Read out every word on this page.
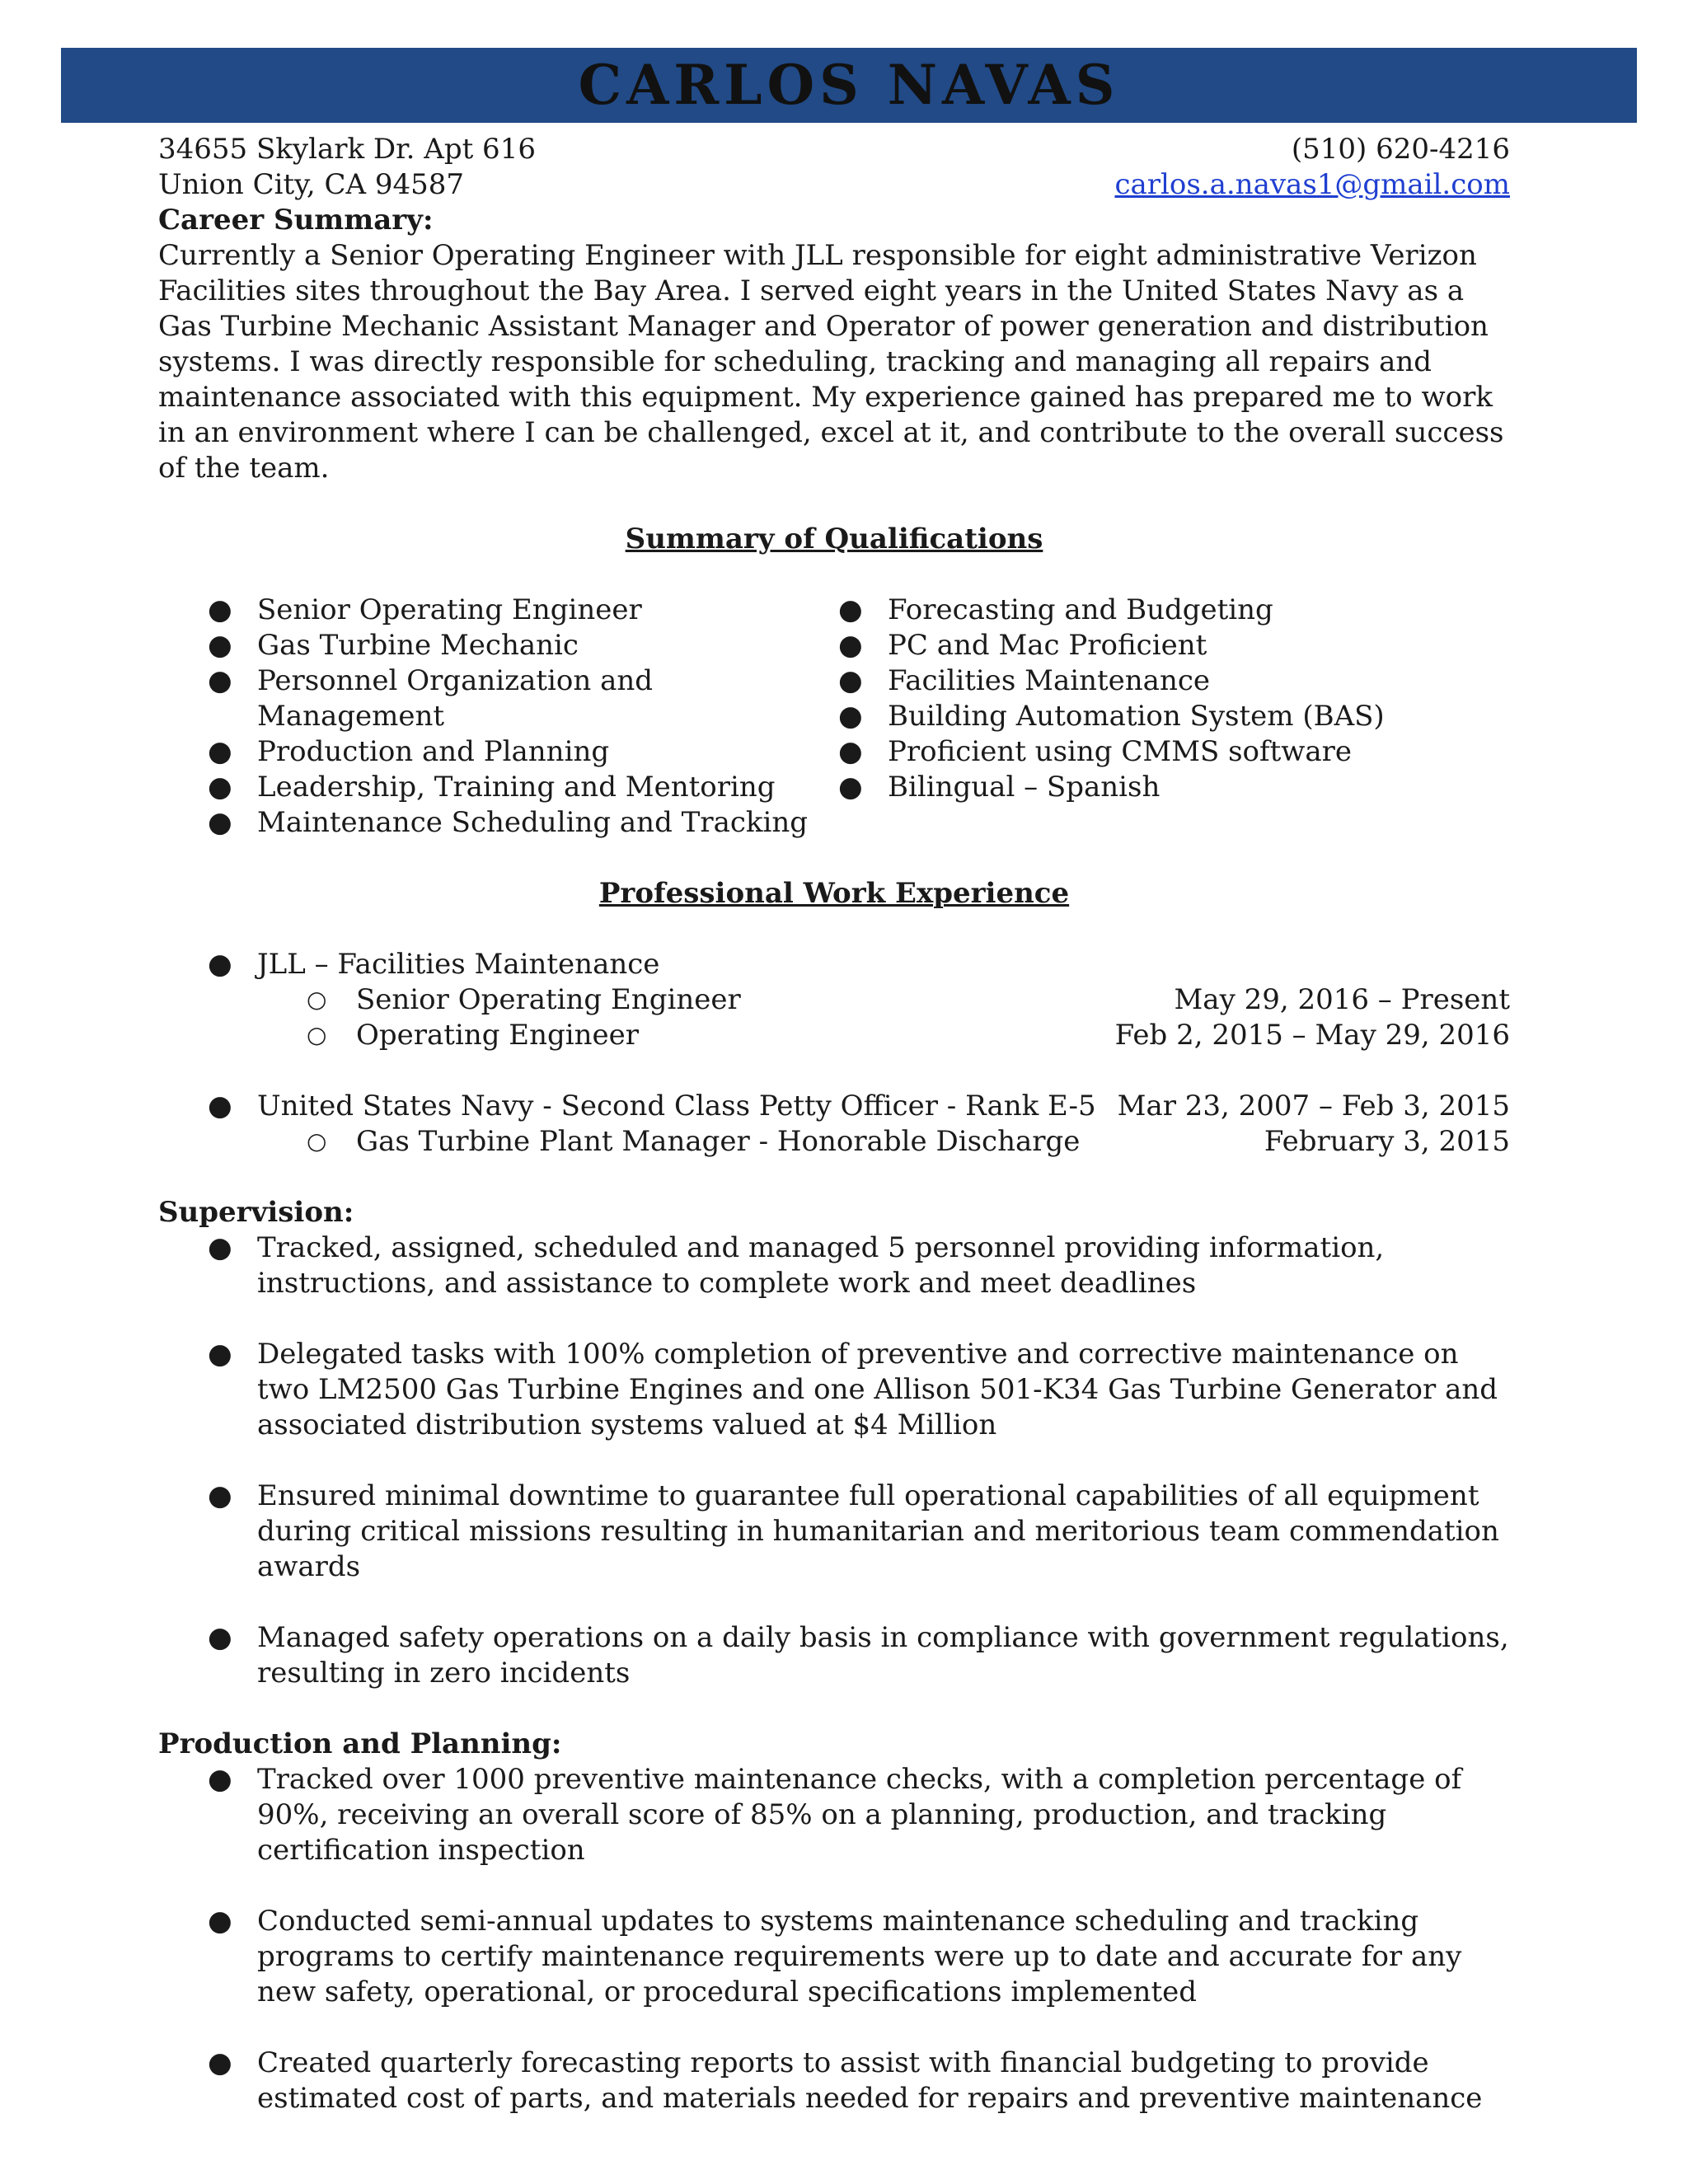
CARLOS NAVAS
34655 Skylark Dr. Apt 616	(510) 620-4216
Union City, CA 94587	carlos.a.navas1@gmail.com
Career Summary:

Currently a Senior Operating Engineer with JLL responsible for eight administrative Verizon Facilities sites throughout the Bay Area. I served eight years in the United States Navy as a Gas Turbine Mechanic Assistant Manager and Operator of power generation and distribution systems. I was directly responsible for scheduling, tracking and managing all repairs and maintenance associated with this equipment. My experience gained has prepared me to work in an environment where I can be challenged, excel at it, and contribute to the overall success of the team.

Summary of Qualifications
● Senior Operating Engineer
● Gas Turbine Mechanic
● Personnel Organization and Management
● Production and Planning
● Leadership, Training and Mentoring
● Maintenance Scheduling and Tracking
● Forecasting and Budgeting
● PC and Mac Proficient
● Facilities Maintenance
● Building Automation System (BAS)
● Proficient using CMMS software
● Bilingual – Spanish
Professional Work Experience
● JLL – Facilities Maintenance
○ Senior Operating Engineer	May 29, 2016 – Present
○ Operating Engineer	Feb 2, 2015 – May 29, 2016
● United States Navy - Second Class Petty Officer - Rank E-5 Mar 23, 2007 – Feb 3, 2015
○ Gas Turbine Plant Manager - Honorable Discharge	February 3, 2015
Supervision:
● Tracked, assigned, scheduled and managed 5 personnel providing information, instructions, and assistance to complete work and meet deadlines
● Delegated tasks with 100% completion of preventive and corrective maintenance on two LM2500 Gas Turbine Engines and one Allison 501-K34 Gas Turbine Generator and associated distribution systems valued at $4 Million
● Ensured minimal downtime to guarantee full operational capabilities of all equipment during critical missions resulting in humanitarian and meritorious team commendation awards
● Managed safety operations on a daily basis in compliance with government regulations, resulting in zero incidents
Production and Planning:
● Tracked over 1000 preventive maintenance checks, with a completion percentage of 90%, receiving an overall score of 85% on a planning, production, and tracking certification inspection
● Conducted semi-annual updates to systems maintenance scheduling and tracking programs to certify maintenance requirements were up to date and accurate for any new safety, operational, or procedural specifications implemented
● Created quarterly forecasting reports to assist with financial budgeting to provide estimated cost of parts, and materials needed for repairs and preventive maintenance
